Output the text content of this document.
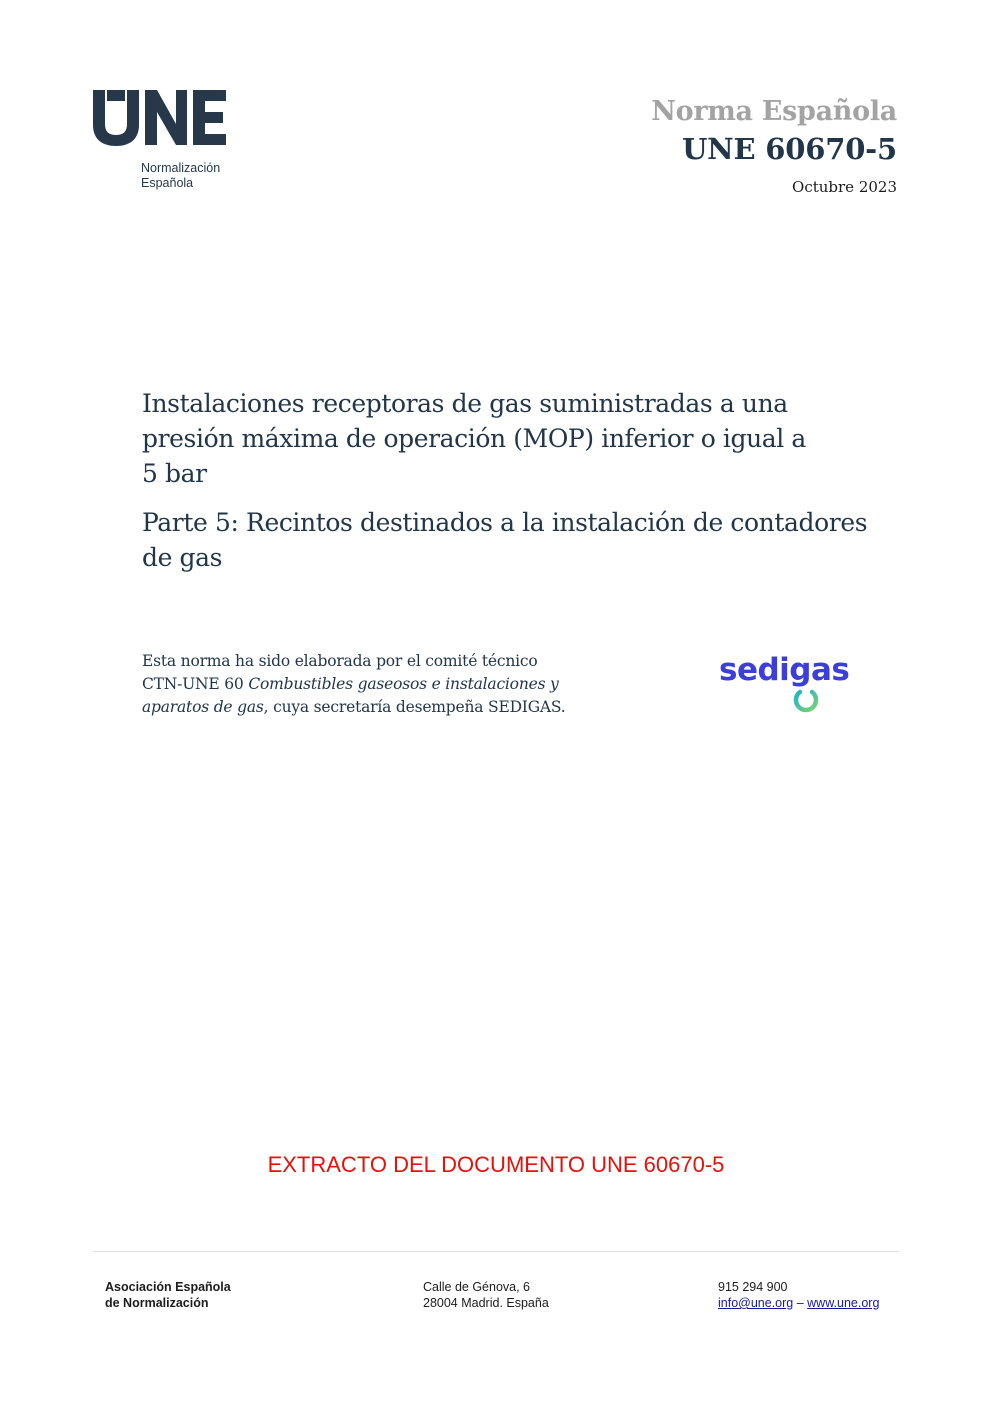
Normalización
Española
Norma Española
UNE 60670-5
Octubre 2023
Instalaciones receptoras de gas suministradas a una
presión máxima de operación (MOP) inferior o igual a
5 bar
Parte 5: Recintos destinados a la instalación de contadores
de gas
Esta norma ha sido elaborada por el comité técnico
CTN-UNE 60 Combustibles gaseosos e instalaciones y
aparatos de gas, cuya secretaría desempeña SEDIGAS.
sedigas
EXTRACTO DEL DOCUMENTO UNE 60670-5
Asociación Española
de Normalización
Calle de Génova, 6
28004 Madrid. España
915 294 900
info@une.org – www.une.org
